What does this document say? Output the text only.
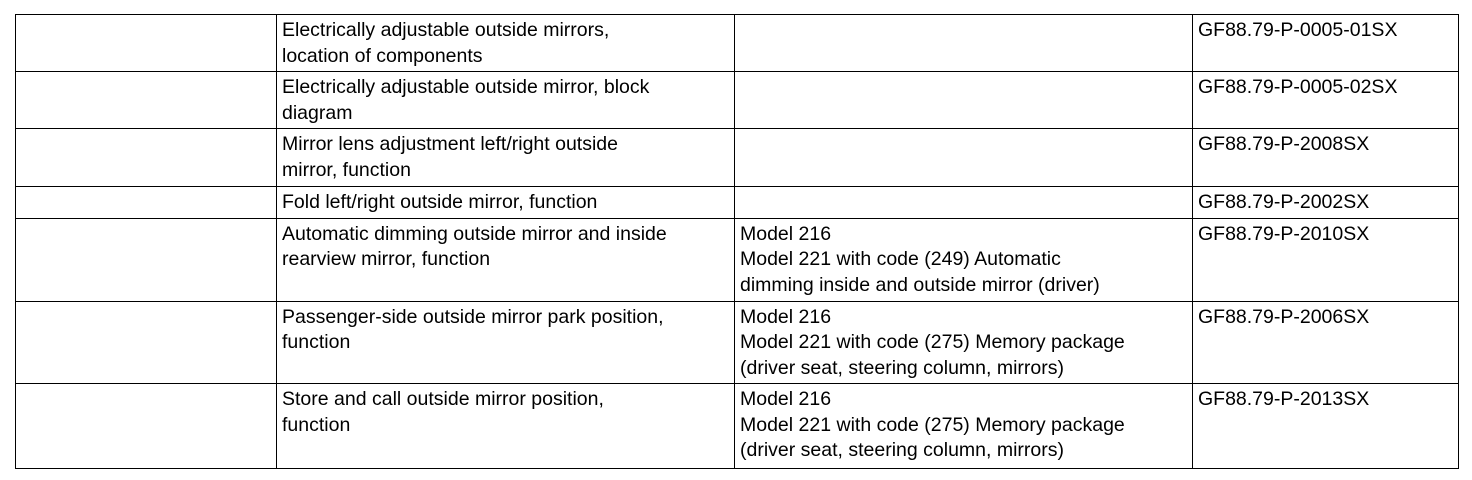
	Electrically adjustable outside mirrors,
location of components		GF88.79-P-0005-01SX
	Electrically adjustable outside mirror, block
diagram		GF88.79-P-0005-02SX
	Mirror lens adjustment left/right outside
mirror, function		GF88.79-P-2008SX
	Fold left/right outside mirror, function		GF88.79-P-2002SX
	Automatic dimming outside mirror and inside
rearview mirror, function	Model 216
Model 221 with code (249) Automatic
dimming inside and outside mirror (driver)	GF88.79-P-2010SX
	Passenger-side outside mirror park position,
function	Model 216
Model 221 with code (275) Memory package
(driver seat, steering column, mirrors)	GF88.79-P-2006SX
	Store and call outside mirror position,
function	Model 216
Model 221 with code (275) Memory package
(driver seat, steering column, mirrors)	GF88.79-P-2013SX
